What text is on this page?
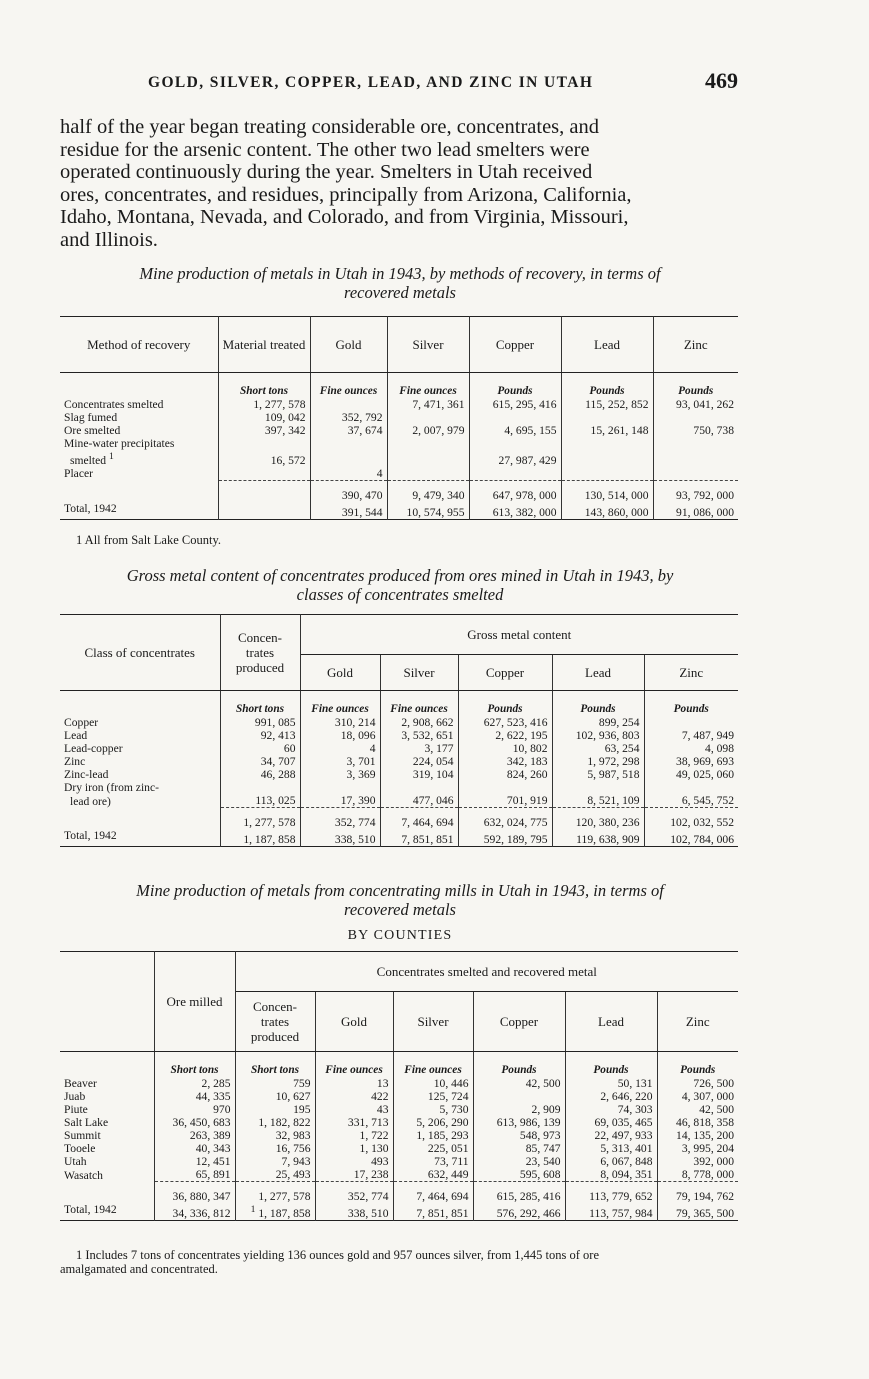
GOLD, SILVER, COPPER, LEAD, AND ZINC IN UTAH	469
half of the year began treating considerable ore, concentrates, and
residue for the arsenic content. The other two lead smelters were
operated continuously during the year. Smelters in Utah received
ores, concentrates, and residues, principally from Arizona, California,
Idaho, Montana, Nevada, and Colorado, and from Virginia, Missouri,
and Illinois.
Mine production of metals in Utah in 1943, by methods of recovery, in terms of
recovered metals
Method of recovery	Material treated	Gold	Silver	Copper	Lead	Zinc
	Short tons	Fine ounces	Fine ounces	Pounds	Pounds	Pounds
Concentrates smelted	1, 277, 578		7, 471, 361	615, 295, 416	115, 252, 852	93, 041, 262
Slag fumed	109, 042	352, 792				
Ore smelted	397, 342	37, 674	2, 007, 979	4, 695, 155	15, 261, 148	750, 738
Mine-water precipitates						
smelted $^1$	16, 572			27, 987, 429		
Placer		4				
		390, 470	9, 479, 340	647, 978, 000	130, 514, 000	93, 792, 000
Total, 1942		391, 544	10, 574, 955	613, 382, 000	143, 860, 000	91, 086, 000
1 All from Salt Lake County.
Gross metal content of concentrates produced from ores mined in Utah in 1943, by
classes of concentrates smelted
Class of concentrates	Concen- trates produced	Gross metal content				
		Gold	Silver	Copper	Lead	Zinc
	Short tons	Fine ounces	Fine ounces	Pounds	Pounds	Pounds
Copper	991, 085	310, 214	2, 908, 662	627, 523, 416	899, 254	
Lead	92, 413	18, 096	3, 532, 651	2, 622, 195	102, 936, 803	7, 487, 949
Lead-copper	60	4	3, 177	10, 802	63, 254	4, 098
Zinc	34, 707	3, 701	224, 054	342, 183	1, 972, 298	38, 969, 693
Zinc-lead	46, 288	3, 369	319, 104	824, 260	5, 987, 518	49, 025, 060
Dry iron (from zinc-						
lead ore)	113, 025	17, 390	477, 046	701, 919	8, 521, 109	6, 545, 752
	1, 277, 578	352, 774	7, 464, 694	632, 024, 775	120, 380, 236	102, 032, 552
Total, 1942	1, 187, 858	338, 510	7, 851, 851	592, 189, 795	119, 638, 909	102, 784, 006
Mine production of metals from concentrating mills in Utah in 1943, in terms of
recovered metals
BY COUNTIES
	Ore milled	Concentrates smelted and recovered metal					
		Concen- trates produced	Gold	Silver	Copper	Lead	Zinc
	Short tons	Short tons	Fine ounces	Fine ounces	Pounds	Pounds	Pounds
Beaver	2, 285	759	13	10, 446	42, 500	50, 131	726, 500
Juab	44, 335	10, 627	422	125, 724		2, 646, 220	4, 307, 000
Piute	970	195	43	5, 730	2, 909	74, 303	42, 500
Salt Lake	36, 450, 683	1, 182, 822	331, 713	5, 206, 290	613, 986, 139	69, 035, 465	46, 818, 358
Summit	263, 389	32, 983	1, 722	1, 185, 293	548, 973	22, 497, 933	14, 135, 200
Tooele	40, 343	16, 756	1, 130	225, 051	85, 747	5, 313, 401	3, 995, 204
Utah	12, 451	7, 943	493	73, 711	23, 540	6, 067, 848	392, 000
Wasatch	65, 891	25, 493	17, 238	632, 449	595, 608	8, 094, 351	8, 778, 000
	36, 880, 347	1, 277, 578	352, 774	7, 464, 694	615, 285, 416	113, 779, 652	79, 194, 762
Total, 1942	34, 336, 812	$^1$ 1, 187, 858	338, 510	7, 851, 851	576, 292, 466	113, 757, 984	79, 365, 500
1 Includes 7 tons of concentrates yielding 136 ounces gold and 957 ounces silver, from 1,445 tons of ore
amalgamated and concentrated.
